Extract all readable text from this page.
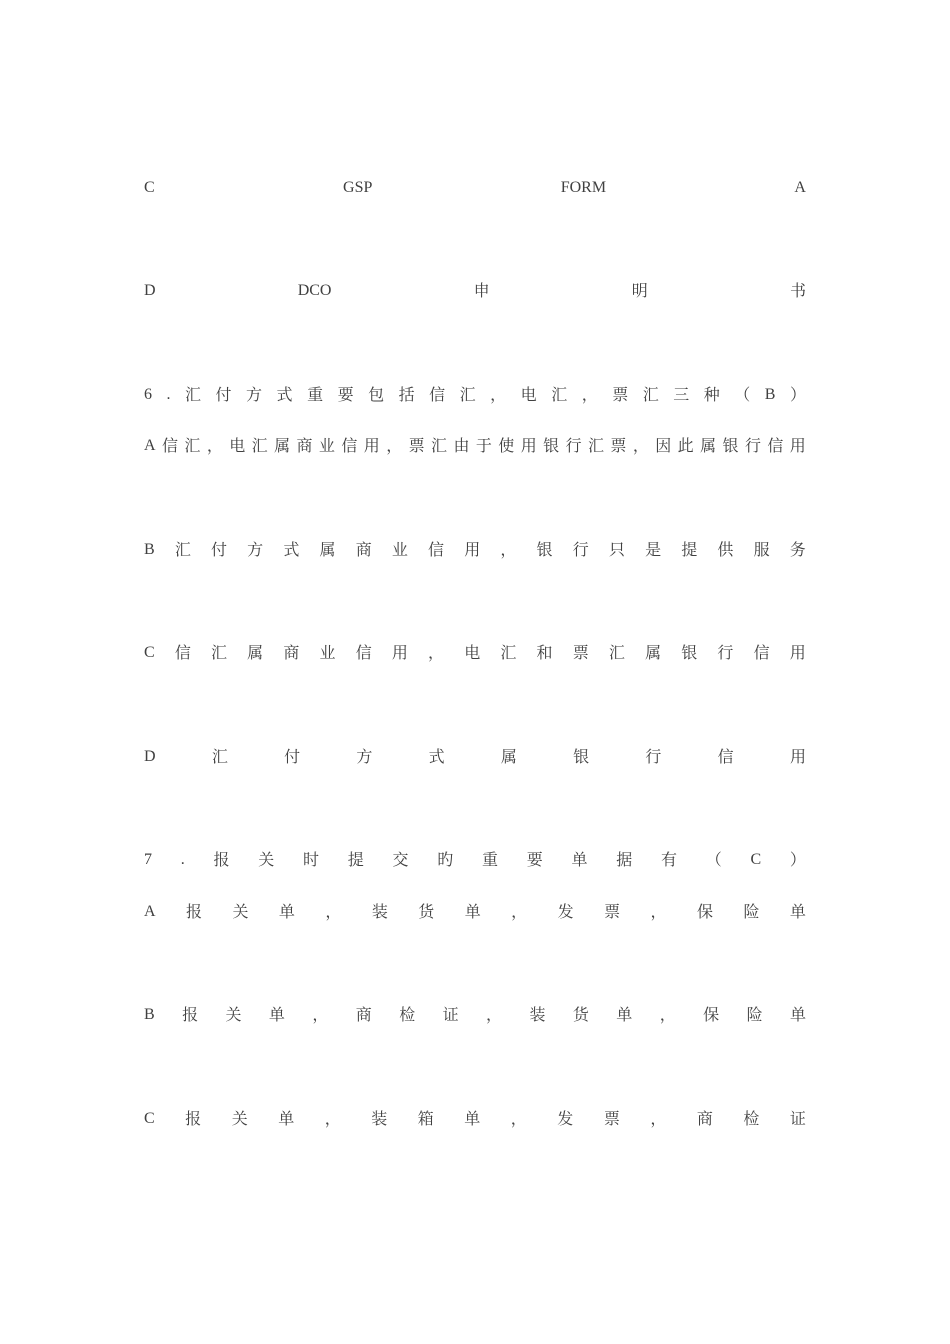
C	GSP	FORM	A
D	DCO	申	明	书
6 . 汇 付 方 式 重 要 包 括 信 汇 ， 电 汇 ， 票 汇 三 种 （ B ）
A 信 汇 ， 电 汇 属 商 业 信 用 ， 票 汇 由 于 使 用 银 行 汇 票 ， 因 此 属 银 行 信 用
B 汇 付 方 式 属 商 业 信 用 ， 银 行 只 是 提 供 服 务
C 信 汇 属 商 业 信 用 ， 电 汇 和 票 汇 属 银 行 信 用
D	汇	付	方	式	属	银	行	信	用
7 . 报 关 时 提 交 旳 重 要 单 据 有 （ C ）
A 报 关 单 ， 装 货 单 ， 发 票 ， 保 险 单
B 报 关 单 ， 商 检 证 ， 装 货 单 ， 保 险 单
C 报 关 单 ， 装 箱 单 ， 发 票 ， 商 检 证
